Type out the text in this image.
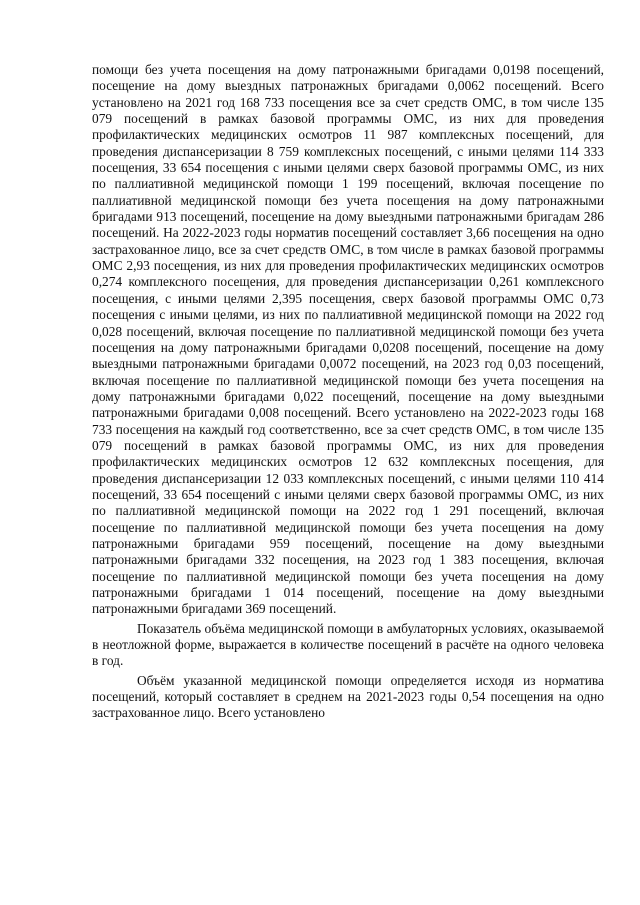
помощи без учета посещения на дому патронажными бригадами 0,0198 посещений, посещение на дому выездных патронажных бригадами 0,0062 посещений. Всего установлено на 2021 год 168 733 посещения все за счет средств ОМС, в том числе 135 079 посещений в рамках базовой программы ОМС, из них для проведения профилактических медицинских осмотров 11 987 комплексных посещений, для проведения диспансеризации 8 759 комплексных посещений, с иными целями 114 333 посещения, 33 654 посещения с иными целями сверх базовой программы ОМС, из них по паллиативной медицинской помощи 1 199 посещений, включая посещение по паллиативной медицинской помощи без учета посещения на дому патронажными бригадами 913 посещений, посещение на дому выездными патронажными бригадам 286 посещений. На 2022-2023 годы норматив посещений составляет 3,66 посещения на одно застрахованное лицо, все за счет средств ОМС, в том числе в рамках базовой программы ОМС 2,93 посещения, из них для проведения профилактических медицинских осмотров 0,274 комплексного посещения, для проведения диспансеризации 0,261 комплексного посещения, с иными целями 2,395 посещения, сверх базовой программы ОМС 0,73 посещения с иными целями, из них по паллиативной медицинской помощи на 2022 год 0,028 посещений, включая посещение по паллиативной медицинской помощи без учета посещения на дому патронажными бригадами 0,0208 посещений, посещение на дому выездными патронажными бригадами 0,0072 посещений, на 2023 год 0,03 посещений, включая посещение по паллиативной медицинской помощи без учета посещения на дому патронажными бригадами 0,022 посещений, посещение на дому выездными патронажными бригадами 0,008 посещений. Всего установлено на 2022-2023 годы 168 733 посещения на каждый год соответственно, все за счет средств ОМС, в том числе 135 079 посещений в рамках базовой программы ОМС, из них для проведения профилактических медицинских осмотров 12 632 комплексных посещения, для проведения диспансеризации 12 033 комплексных посещений, с иными целями 110 414 посещений, 33 654 посещений с иными целями сверх базовой программы ОМС, из них по паллиативной медицинской помощи на 2022 год 1 291 посещений, включая посещение по паллиативной медицинской помощи без учета посещения на дому патронажными бригадами 959 посещений, посещение на дому выездными патронажными бригадами 332 посещения, на 2023 год 1 383 посещения, включая посещение по паллиативной медицинской помощи без учета посещения на дому патронажными бригадами 1 014 посещений, посещение на дому выездными патронажными бригадами 369 посещений.

Показатель объёма медицинской помощи в амбулаторных условиях, оказываемой в неотложной форме, выражается в количестве посещений в расчёте на одного человека в год.

Объём указанной медицинской помощи определяется исходя из норматива посещений, который составляет в среднем на 2021-2023 годы 0,54 посещения на одно застрахованное лицо. Всего установлено
